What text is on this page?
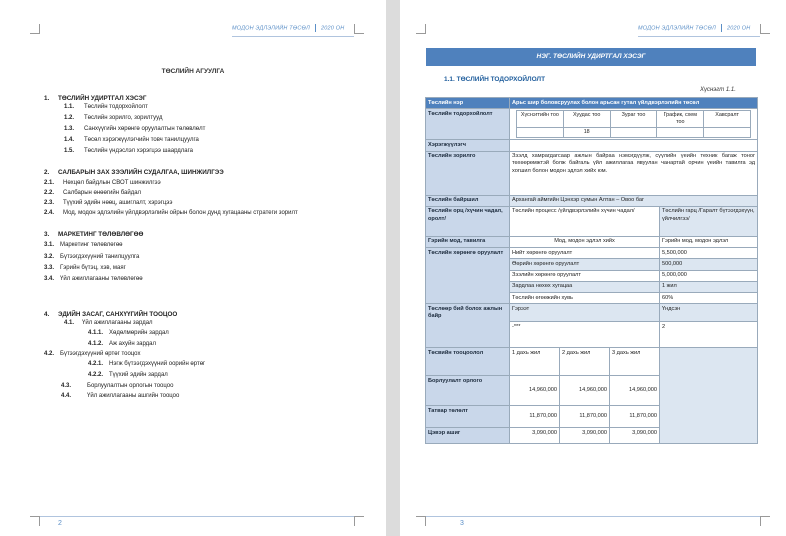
МОДОН ЭДЛЭЛИЙН ТӨСӨЛ 2020 ОН
ТӨСЛИЙН АГУУЛГА
1. ТӨСЛИЙН УДИРТГАЛ ХЭСЭГ
1.1. Төслийн тодорхойлолт
1.2. Төслийн зорилго, зорилтууд
1.3. Санхүүгийн хөрөнгө оруулалтын төлөвлөлт
1.4. Төсөл хэрэгжүүлэгчийн товч танилцуулга
1.5. Төслийн үндэслэл хэрэгцээ шаардлага
2. САЛБАРЫН ЗАХ ЗЭЭЛИЙН СУДАЛГАА, ШИНЖИЛГЭЭ
2.1. Нөхцөл байдлын СВОТ шинжилгээ
2.2. Салбарын өнөөгийн байдал
2.3. Түүхий эдийн нөөц, ашиглалт, хэрэгцээ
2.4. Мод, модон эдлэлийн үйлдвэрлэлийн ойрын болон дунд хугацааны стратеги зорилт
3. МАРКЕТИНГ ТӨЛӨВЛӨГӨӨ
3.1. Маркетинг төлөвлөгөө
3.2. Бүтээгдэхүүний танилцуулга
3.3. Гэрийн бүтэц, хэв, маяг
3.4. Үйл ажиллагааны төлөвлөгөө
4. ЭДИЙН ЗАСАГ, САНХҮҮГИЙН ТООЦОО
4.1. Үйл ажиллагааны зардал
4.1.1. Хөдөлмөрийн зардал
4.1.2. Аж ахуйн зардал
4.2. Бүтээгдэхүүний өртөг тооцох
4.2.1. Нэгж бүтээгдэхүүний оорийн өртөг
4.2.2. Түүхий эдийн зардал
4.3.	Борлуулалтын орлогын тооцоо
4.4.	Үйл ажиллагааны ашгийн тооцоо
2
МОДОН ЭДЛЭЛИЙН ТӨСӨЛ 2020 ОН
3
НЭГ. ТӨСЛИЙН УДИРТГАЛ ХЭСЭГ
1.1. ТӨСЛИЙН ТОДОРХОЙЛОЛТ
Хүснэгт 1.1.
Төслийн нэр	Арьс шир боловсруулах болон арьсан гутал үйлдвэрлэлийн төсөл
Төслийн тодорхойлолт		Хүснэгтийн тоо	Хуудас тоо	Зураг тоо	График, схем тоо	Хавсралт
	18			

Хэрэгжүүлэгч	
Төслийн зорилго	Зээлд хамрагдагсаар ажлын байраа нэмэгдүүлж, сүүлийн үеийн техник багаж тоног төхөөрөмжтэй болж байгаль үйл ажиллагаа явуулан чанартай орчин үеийн тавилга эд хогшил болон модон эдлэл хийх юм.
Төслийн байршил	Архангай аймгийн Цэнхэр сумын Алтан – Овоо баг
Төслийн орц /хүчин чадал, оролт/	Төслийн процесс /үйлдвэрлэлийн хүчин чадал/	Төслийн гарц /Гаралт бүтээгдэхүүн, үйлчилгээ/
Гэрийн мод, тавилга	Мод, модон эдлэл хийх	Гэрийн мод, модон эдлэл
Төслийн хөрөнгө оруулалт	Нийт хөрөнгө оруулалт	5,500,000
Өөрийн хөрөнгө оруулалт	500,000
Зээлийн хөрөнгө оруулалт	5,000,000
Зардлаа нөхөх хугацаа	1 жил
Төслийн өгөөжийн хувь	60%
Төслөөр бий болох ажлын байр	Гэрээт	Үндсэн
-***	2
Төсвийн тооцоолол	1 дахь жил	2 дахь жил	3 дахь жил	
Борлуулалт орлого	14,960,000	14,960,000	14,960,000
Татвар төлөлт	11,870,000	11,870,000	11,870,000
Цэвэр ашиг	3,090,000	3,090,000	3,090,000
